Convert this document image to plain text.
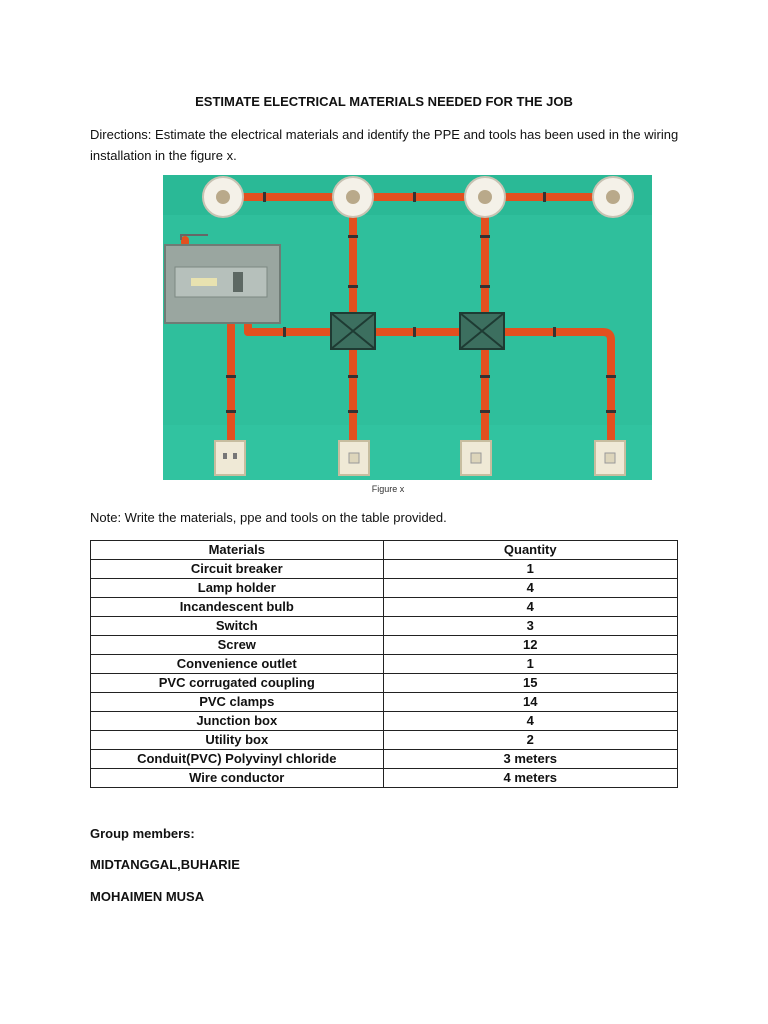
ESTIMATE ELECTRICAL MATERIALS NEEDED FOR THE JOB
Directions: Estimate the electrical materials and identify the PPE and tools has been used in the wiring installation in the figure x.
Figure x
Note: Write the materials, ppe and tools on the table provided.
Materials	Quantity
Circuit breaker	1
Lamp holder	4
Incandescent bulb	4
Switch	3
Screw	12
Convenience outlet	1
PVC corrugated coupling	15
PVC clamps	14
Junction box	4
Utility box	2
Conduit(PVC) Polyvinyl chloride	3 meters
Wire conductor	4 meters
Group members:
MIDTANGGAL,BUHARIE
MOHAIMEN MUSA
